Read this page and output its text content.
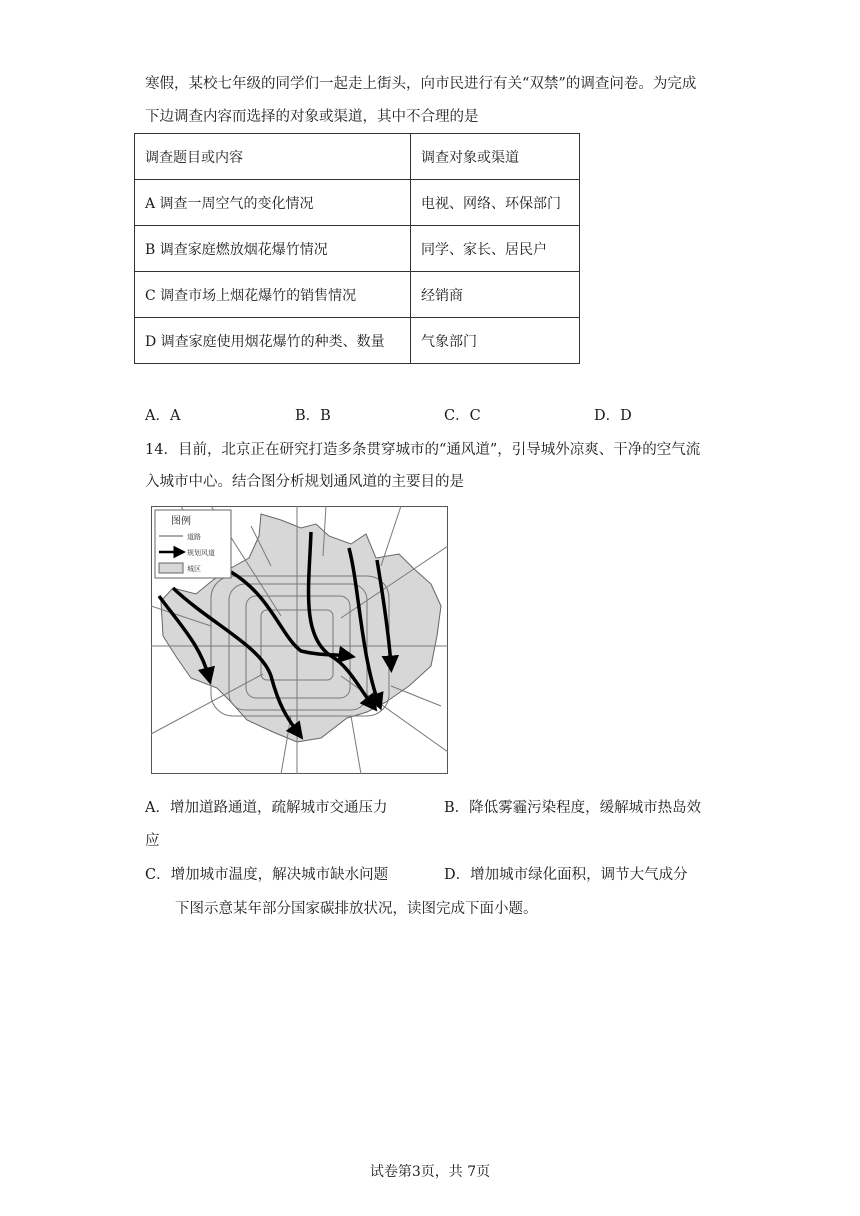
寒假，某校七年级的同学们一起走上街头，向市民进行有关“双禁”的调查问卷。为完成
下边调查内容而选择的对象或渠道，其中不合理的是
调查题目或内容	调查对象或渠道
A 调查一周空气的变化情况	电视、网络、环保部门
B 调查家庭燃放烟花爆竹情况	同学、家长、居民户
C 调查市场上烟花爆竹的销售情况	经销商
D 调查家庭使用烟花爆竹的种类、数量	气象部门
A．A	B．B	C．C	D．D
14．目前，北京正在研究打造多条贯穿城市的“通风道”，引导城外凉爽、干净的空气流
入城市中心。结合图分析规划通风道的主要目的是
图例
道路
规划风道
城区
A．增加道路通道，疏解城市交通压力	B．降低雾霾污染程度，缓解城市热岛效
应
C．增加城市温度，解决城市缺水问题	D．增加城市绿化面积，调节大气成分
下图示意某年部分国家碳排放状况，读图完成下面小题。
试卷第3页，共 7页
